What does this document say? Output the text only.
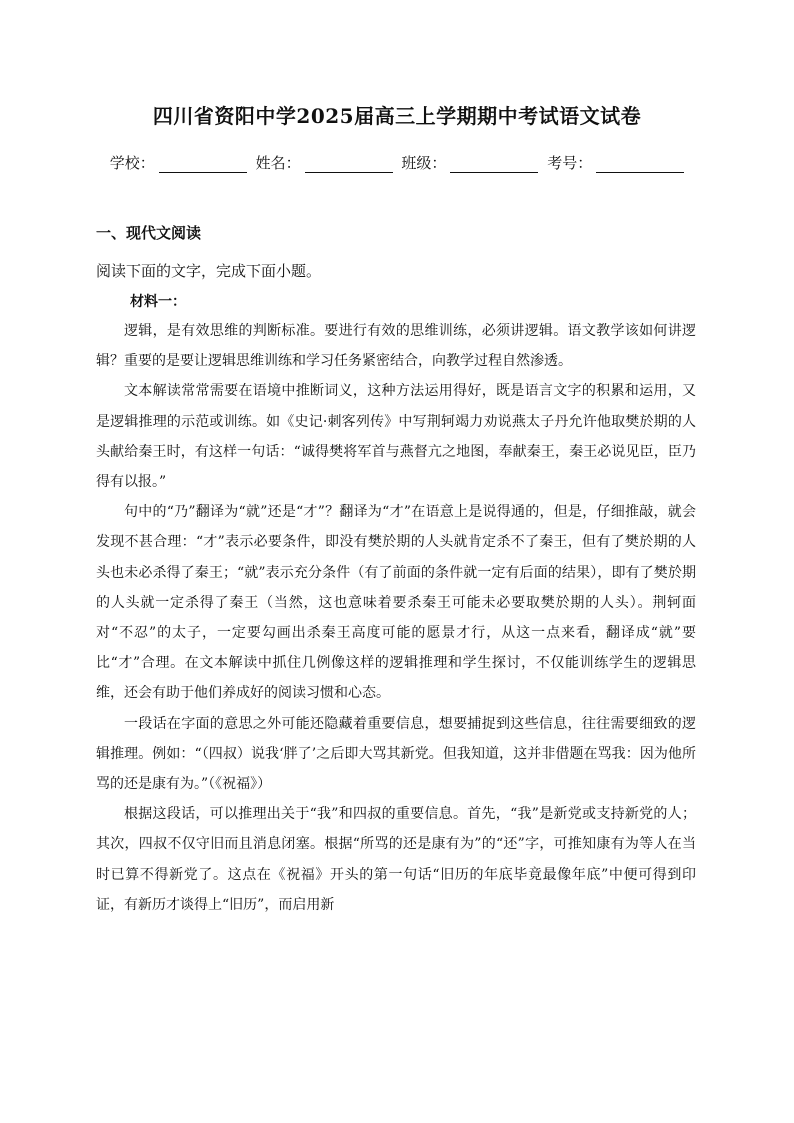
四川省资阳中学2025届高三上学期期中考试语文试卷
学校：	姓名：	班级：	考号：
一、现代文阅读
阅读下面的文字，完成下面小题。
材料一：

逻辑，是有效思维的判断标准。要进行有效的思维训练，必须讲逻辑。语文教学该如何讲逻辑？重要的是要让逻辑思维训练和学习任务紧密结合，向教学过程自然渗透。

文本解读常常需要在语境中推断词义，这种方法运用得好，既是语言文字的积累和运用，又是逻辑推理的示范或训练。如《史记·刺客列传》中写荆轲竭力劝说燕太子丹允许他取樊於期的人头献给秦王时，有这样一句话：“诚得樊将军首与燕督亢之地图，奉献秦王，秦王必说见臣，臣乃得有以报。”

句中的“乃”翻译为“就”还是“才”？翻译为“才”在语意上是说得通的，但是，仔细推敲，就会发现不甚合理：“才”表示必要条件，即没有樊於期的人头就肯定杀不了秦王，但有了樊於期的人头也未必杀得了秦王；“就”表示充分条件（有了前面的条件就一定有后面的结果），即有了樊於期的人头就一定杀得了秦王（当然，这也意味着要杀秦王可能未必要取樊於期的人头）。荆轲面对“不忍”的太子，一定要勾画出杀秦王高度可能的愿景才行，从这一点来看，翻译成“就”要比“才”合理。在文本解读中抓住几例像这样的逻辑推理和学生探讨，不仅能训练学生的逻辑思维，还会有助于他们养成好的阅读习惯和心态。

一段话在字面的意思之外可能还隐藏着重要信息，想要捕捉到这些信息，往往需要细致的逻辑推理。例如：“（四叔）说我‘胖了’之后即大骂其新党。但我知道，这并非借题在骂我：因为他所骂的还是康有为。”（《祝福》）

根据这段话，可以推理出关于“我”和四叔的重要信息。首先，“我”是新党或支持新党的人；其次，四叔不仅守旧而且消息闭塞。根据“所骂的还是康有为”的“还”字，可推知康有为等人在当时已算不得新党了。这点在《祝福》开头的第一句话“旧历的年底毕竟最像年底”中便可得到印证，有新历才谈得上“旧历”，而启用新
